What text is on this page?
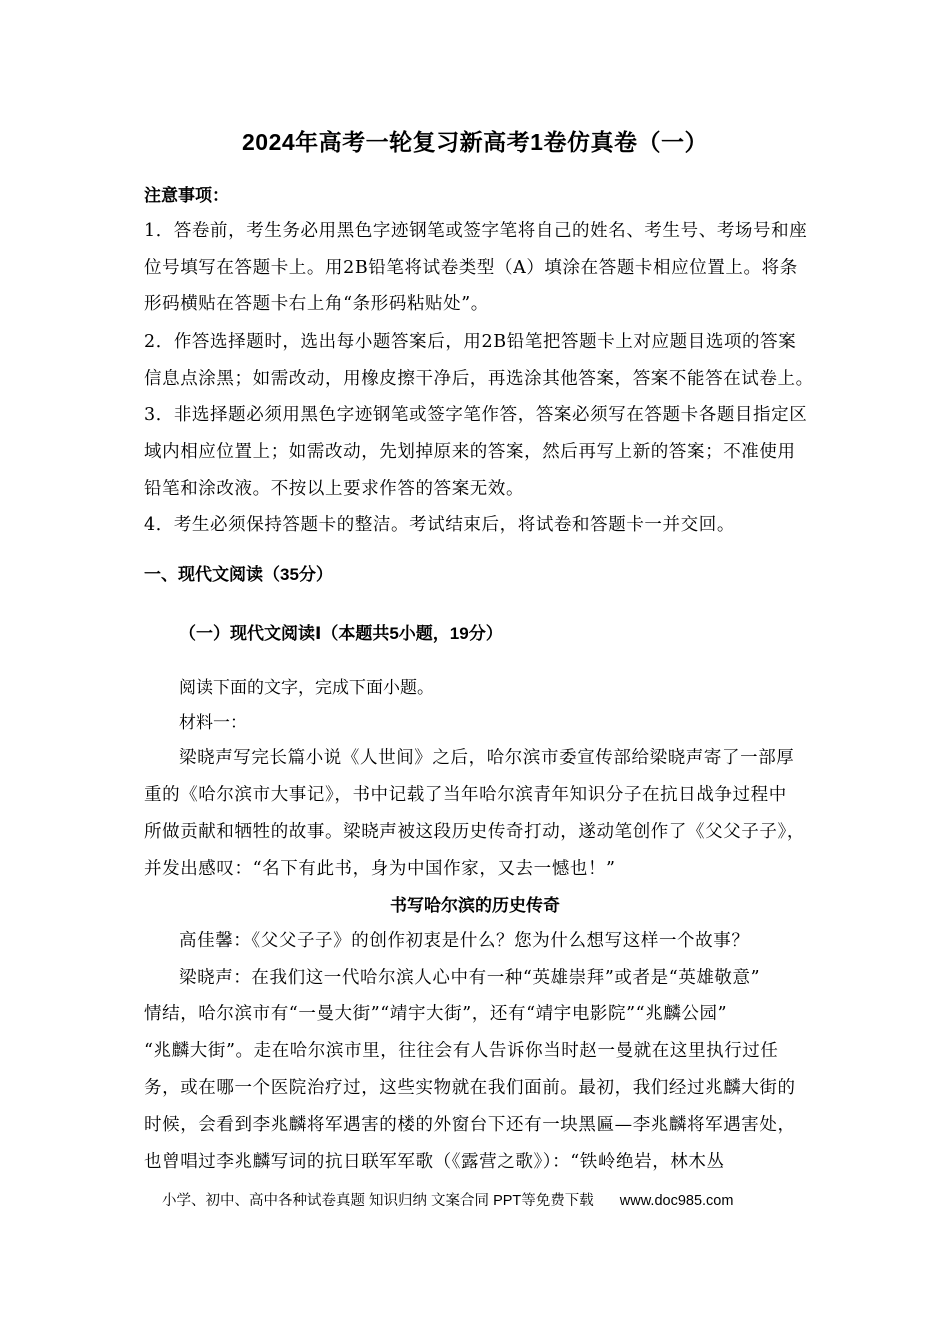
2024年高考一轮复习新高考1卷仿真卷（一）
注意事项：
1．答卷前，考生务必用黑色字迹钢笔或签字笔将自己的姓名、考生号、考场号和座
位号填写在答题卡上。用2B铅笔将试卷类型（A）填涂在答题卡相应位置上。将条
形码横贴在答题卡右上角“条形码粘贴处”。
2．作答选择题时，选出每小题答案后，用2B铅笔把答题卡上对应题目选项的答案
信息点涂黑；如需改动，用橡皮擦干净后，再选涂其他答案，答案不能答在试卷上。
3．非选择题必须用黑色字迹钢笔或签字笔作答，答案必须写在答题卡各题目指定区
域内相应位置上；如需改动，先划掉原来的答案，然后再写上新的答案；不准使用
铅笔和涂改液。不按以上要求作答的答案无效。
4．考生必须保持答题卡的整洁。考试结束后，将试卷和答题卡一并交回。
一、现代文阅读（35分）
（一）现代文阅读Ⅰ（本题共5小题，19分）
阅读下面的文字，完成下面小题。
材料一：
梁晓声写完长篇小说《人世间》之后，哈尔滨市委宣传部给梁晓声寄了一部厚
重的《哈尔滨市大事记》，书中记载了当年哈尔滨青年知识分子在抗日战争过程中
所做贡献和牺牲的故事。梁晓声被这段历史传奇打动，遂动笔创作了《父父子子》，
并发出感叹：“名下有此书，身为中国作家，又去一憾也！”
书写哈尔滨的历史传奇
高佳馨：《父父子子》的创作初衷是什么？您为什么想写这样一个故事？
梁晓声：在我们这一代哈尔滨人心中有一种“英雄崇拜”或者是“英雄敬意”
情结，哈尔滨市有“一曼大街”“靖宇大街”，还有“靖宇电影院”“兆麟公园”
“兆麟大街”。走在哈尔滨市里，往往会有人告诉你当时赵一曼就在这里执行过任
务，或在哪一个医院治疗过，这些实物就在我们面前。最初，我们经过兆麟大街的
时候，会看到李兆麟将军遇害的楼的外窗台下还有一块黑匾—李兆麟将军遇害处，
也曾唱过李兆麟写词的抗日联军军歌（《露营之歌》）：“铁岭绝岩，林木丛
小学、初中、高中各种试卷真题 知识归纳 文案合同 PPT等免费下载 www.doc985.com
